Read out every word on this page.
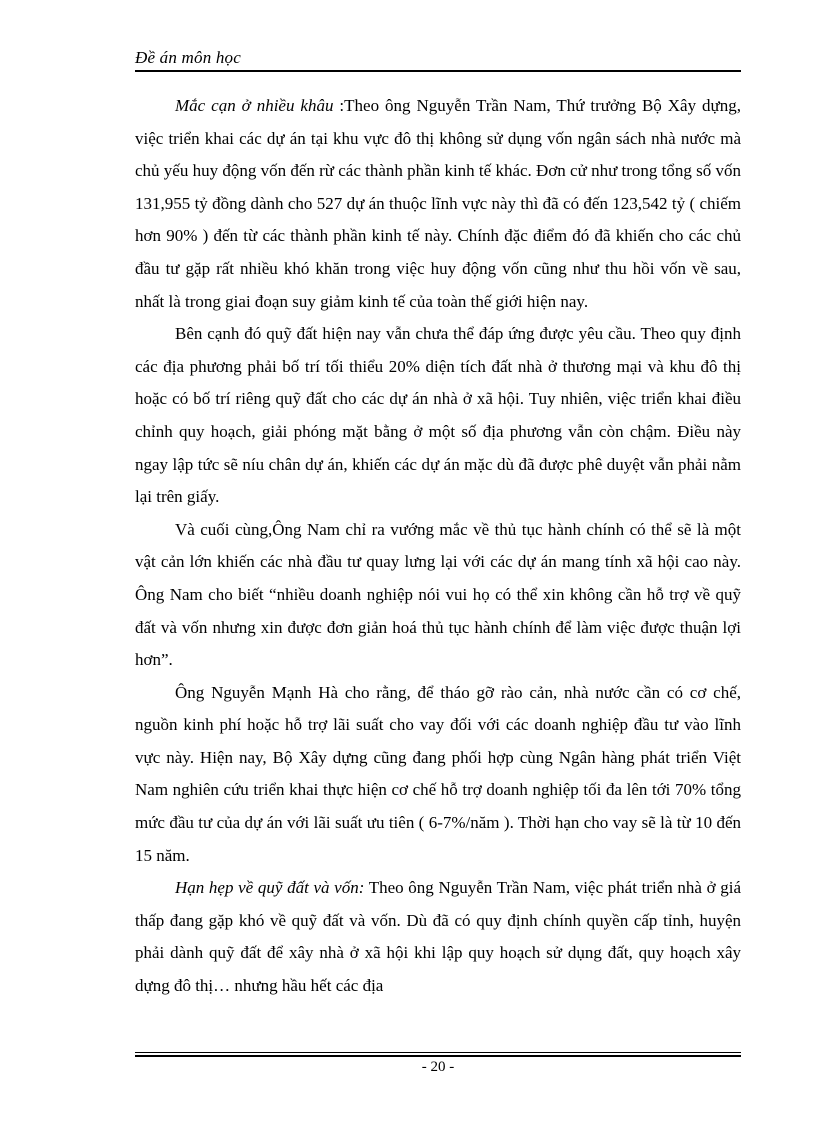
Đề án môn học

Mắc cạn ở nhiều khâu :Theo ông Nguyễn Trần Nam, Thứ trưởng Bộ Xây dựng, việc triển khai các dự án tại khu vực đô thị không sử dụng vốn ngân sách nhà nước mà chủ yếu huy động vốn đến rừ các thành phần kinh tế khác. Đơn cử như trong tổng số vốn 131,955 tỷ đồng dành cho 527 dự án thuộc lĩnh vực này thì đã có đến 123,542 tỷ ( chiếm hơn 90% ) đến từ các thành phần kinh tế này. Chính đặc điểm đó đã khiến cho các chủ đầu tư gặp rất nhiều khó khăn trong việc huy động vốn cũng như thu hồi vốn về sau, nhất là trong giai đoạn suy giảm kinh tế của toàn thế giới hiện nay.

Bên cạnh đó quỹ đất hiện nay vẫn chưa thể đáp ứng được yêu cầu. Theo quy định các địa phương phải bố trí tối thiểu 20% diện tích đất nhà ở thương mại và khu đô thị hoặc có bố trí riêng quỹ đất cho các dự án nhà ở xã hội. Tuy nhiên, việc triển khai điều chỉnh quy hoạch, giải phóng mặt bằng ở một số địa phương vẫn còn chậm. Điều này ngay lập tức sẽ níu chân dự án, khiến các dự án mặc dù đã được phê duyệt vẫn phải nằm lại trên giấy.

Và cuối cùng,Ông Nam chỉ ra vướng mắc về thủ tục hành chính có thể sẽ là một vật cản lớn khiến các nhà đầu tư quay lưng lại với các dự án mang tính xã hội cao này. Ông Nam cho biết “nhiều doanh nghiệp nói vui họ có thể xin không cần hỗ trợ về quỹ đất và vốn nhưng xin được đơn giản hoá thủ tục hành chính để làm việc được thuận lợi hơn”.

Ông Nguyễn Mạnh Hà cho rằng, để tháo gỡ rào cản, nhà nước cần có cơ chế, nguồn kinh phí hoặc hỗ trợ lãi suất cho vay đối với các doanh nghiệp đầu tư vào lĩnh vực này. Hiện nay, Bộ Xây dựng cũng đang phối hợp cùng Ngân hàng phát triển Việt Nam nghiên cứu triển khai thực hiện cơ chế hỗ trợ doanh nghiệp tối đa lên tới 70% tổng mức đầu tư của dự án với lãi suất ưu tiên ( 6-7%/năm ). Thời hạn cho vay sẽ là từ 10 đến 15 năm.

Hạn hẹp về quỹ đất và vốn: Theo ông Nguyễn Trần Nam, việc phát triển nhà ở giá thấp đang gặp khó về quỹ đất và vốn. Dù đã có quy định chính quyền cấp tỉnh, huyện phải dành quỹ đất để xây nhà ở xã hội khi lập quy hoạch sử dụng đất, quy hoạch xây dựng đô thị… nhưng hầu hết các địa

- 20 -
